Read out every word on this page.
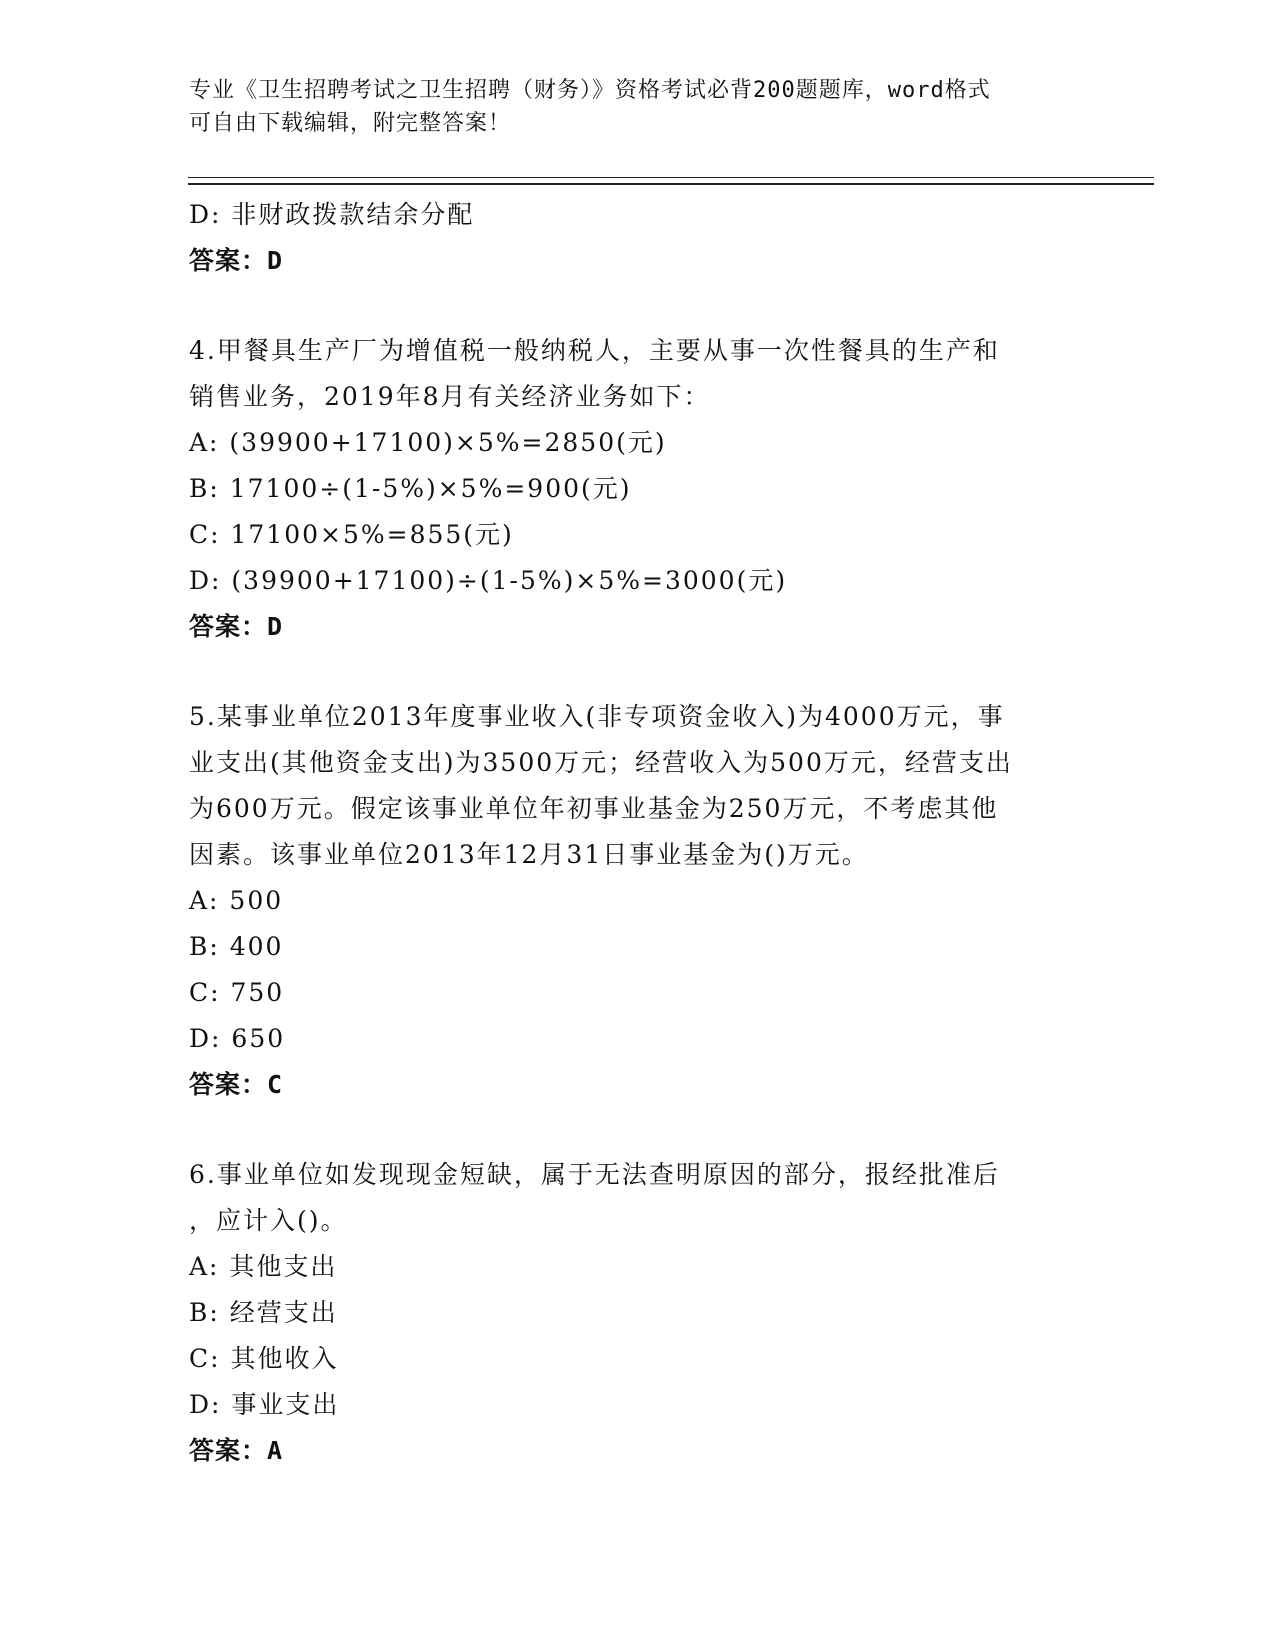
专业《卫生招聘考试之卫生招聘（财务）》资格考试必背200题题库，word格式
可自由下载编辑，附完整答案！
D: 非财政拨款结余分配
答案：D
4.甲餐具生产厂为增值税一般纳税人，主要从事一次性餐具的生产和
销售业务，2019年8月有关经济业务如下：
A: (39900+17100)×5%=2850(元)
B: 17100÷(1-5%)×5%=900(元)
C: 17100×5%=855(元)
D: (39900+17100)÷(1-5%)×5%=3000(元)
答案：D
5.某事业单位2013年度事业收入(非专项资金收入)为4000万元，事
业支出(其他资金支出)为3500万元；经营收入为500万元，经营支出
为600万元。假定该事业单位年初事业基金为250万元，不考虑其他
因素。该事业单位2013年12月31日事业基金为()万元。
A: 500
B: 400
C: 750
D: 650
答案：C
6.事业单位如发现现金短缺，属于无法查明原因的部分，报经批准后
，应计入()。
A: 其他支出
B: 经营支出
C: 其他收入
D: 事业支出
答案：A
